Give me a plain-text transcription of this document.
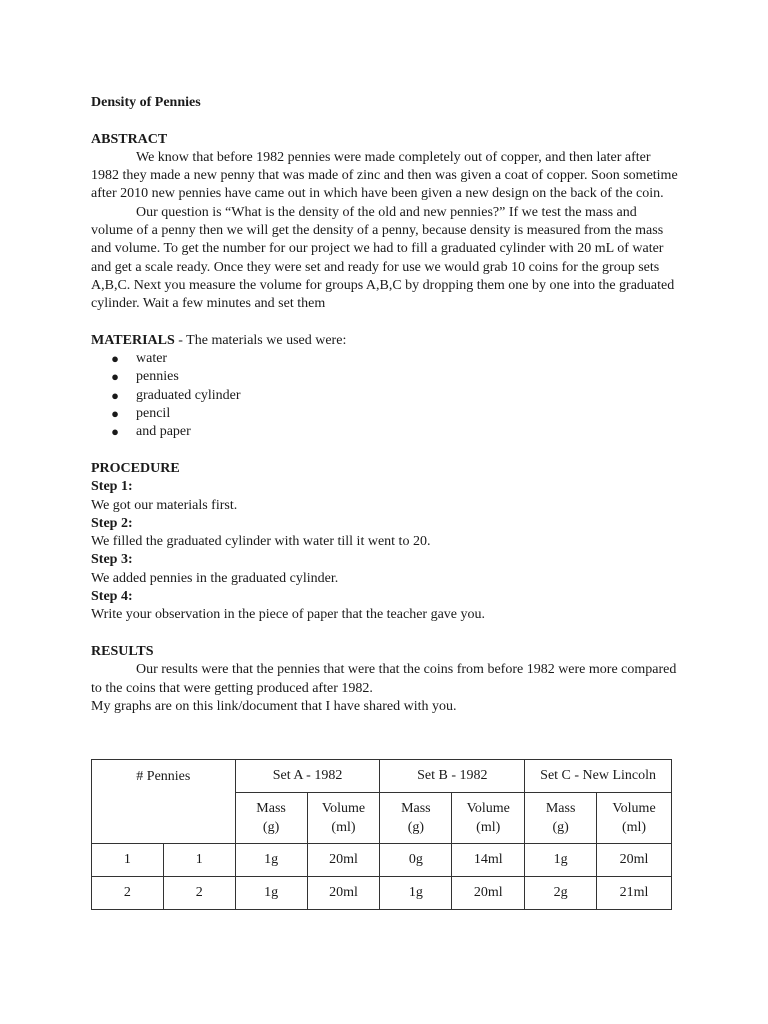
Density of Pennies

ABSTRACT

We know that before 1982 pennies were made completely out of copper, and then later after 1982 they made a new penny that was made of zinc and then was given a coat of copper. Soon sometime after 2010 new pennies have came out in which have been given a new design on the back of the coin.

Our question is “What is the density of the old and new pennies?” If we test the mass and volume of a penny then we will get the density of a penny, because density is measured from the mass and volume. To get the number for our project we had to fill a graduated cylinder with 20 mL of water and get a scale ready. Once they were set and ready for use we would grab 10 coins for the group sets A,B,C. Next you measure the volume for groups A,B,C by dropping them one by one into the graduated cylinder. Wait a few minutes and set them

MATERIALS - The materials we used were:

● water
● pennies
● graduated cylinder
● pencil
● and paper

PROCEDURE

Step 1:

We got our materials first.

Step 2:

We filled the graduated cylinder with water till it went to 20.

Step 3:

We added pennies in the graduated cylinder.

Step 4:

Write your observation in the piece of paper that the teacher gave you.

RESULTS

Our results were that the pennies that were that the coins from before 1982 were more compared to the coins that were getting produced after 1982.

My graphs are on this link/document that I have shared with you.

# Pennies		Set A - 1982		Set B - 1982		Set C - New Lincoln	
		Mass
(g)	Volume
(ml)	Mass
(g)	Volume
(ml)	Mass
(g)	Volume
(ml)
1	1	1g	20ml	0g	14ml	1g	20ml
2	2	1g	20ml	1g	20ml	2g	21ml
